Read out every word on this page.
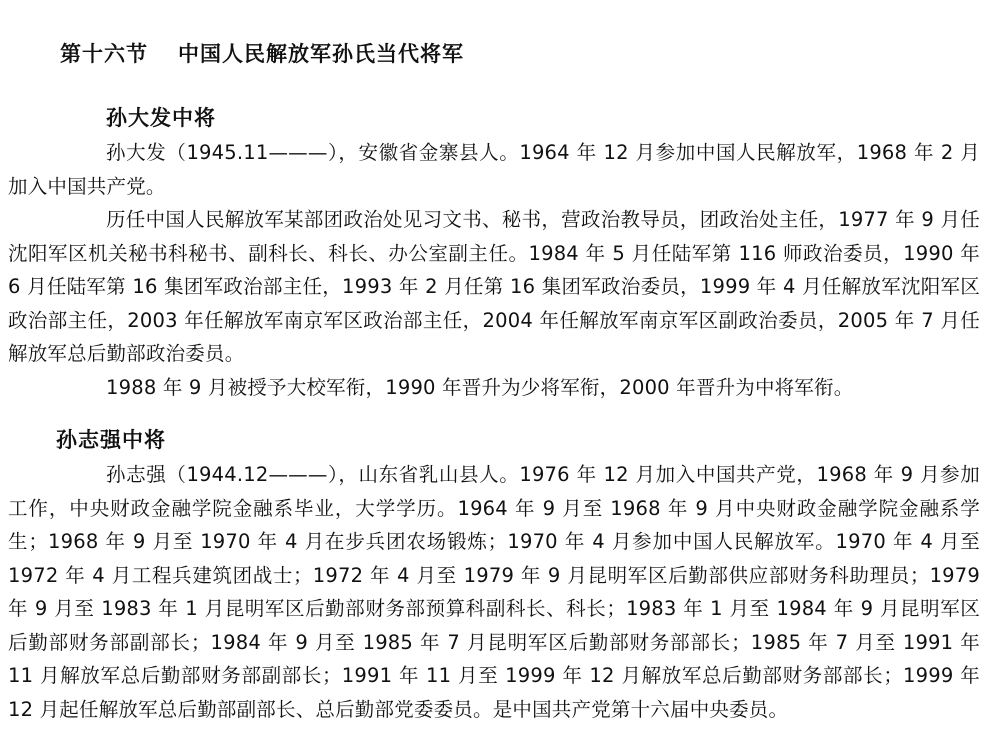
第十六节 中国人民解放军孙氏当代将军
孙大发中将

孙大发（1945.11———），安徽省金寨县人。1964 年 12 月参加中国人民解放军，1968 年 2 月加入中国共产党。

历任中国人民解放军某部团政治处见习文书、秘书，营政治教导员，团政治处主任，1977 年 9 月任沈阳军区机关秘书科秘书、副科长、科长、办公室副主任。1984 年 5 月任陆军第 116 师政治委员，1990 年 6 月任陆军第 16 集团军政治部主任，1993 年 2 月任第 16 集团军政治委员，1999 年 4 月任解放军沈阳军区政治部主任，2003 年任解放军南京军区政治部主任，2004 年任解放军南京军区副政治委员，2005 年 7 月任解放军总后勤部政治委员。

1988 年 9 月被授予大校军衔，1990 年晋升为少将军衔，2000 年晋升为中将军衔。

孙志强中将

孙志强（1944.12———），山东省乳山县人。1976 年 12 月加入中国共产党，1968 年 9 月参加工作，中央财政金融学院金融系毕业，大学学历。1964 年 9 月至 1968 年 9 月中央财政金融学院金融系学生；1968 年 9 月至 1970 年 4 月在步兵团农场锻炼；1970 年 4 月参加中国人民解放军。1970 年 4 月至 1972 年 4 月工程兵建筑团战士；1972 年 4 月至 1979 年 9 月昆明军区后勤部供应部财务科助理员；1979 年 9 月至 1983 年 1 月昆明军区后勤部财务部预算科副科长、科长；1983 年 1 月至 1984 年 9 月昆明军区后勤部财务部副部长；1984 年 9 月至 1985 年 7 月昆明军区后勤部财务部部长；1985 年 7 月至 1991 年 11 月解放军总后勤部财务部副部长；1991 年 11 月至 1999 年 12 月解放军总后勤部财务部部长；1999 年 12 月起任解放军总后勤部副部长、总后勤部党委委员。是中国共产党第十六届中央委员。
